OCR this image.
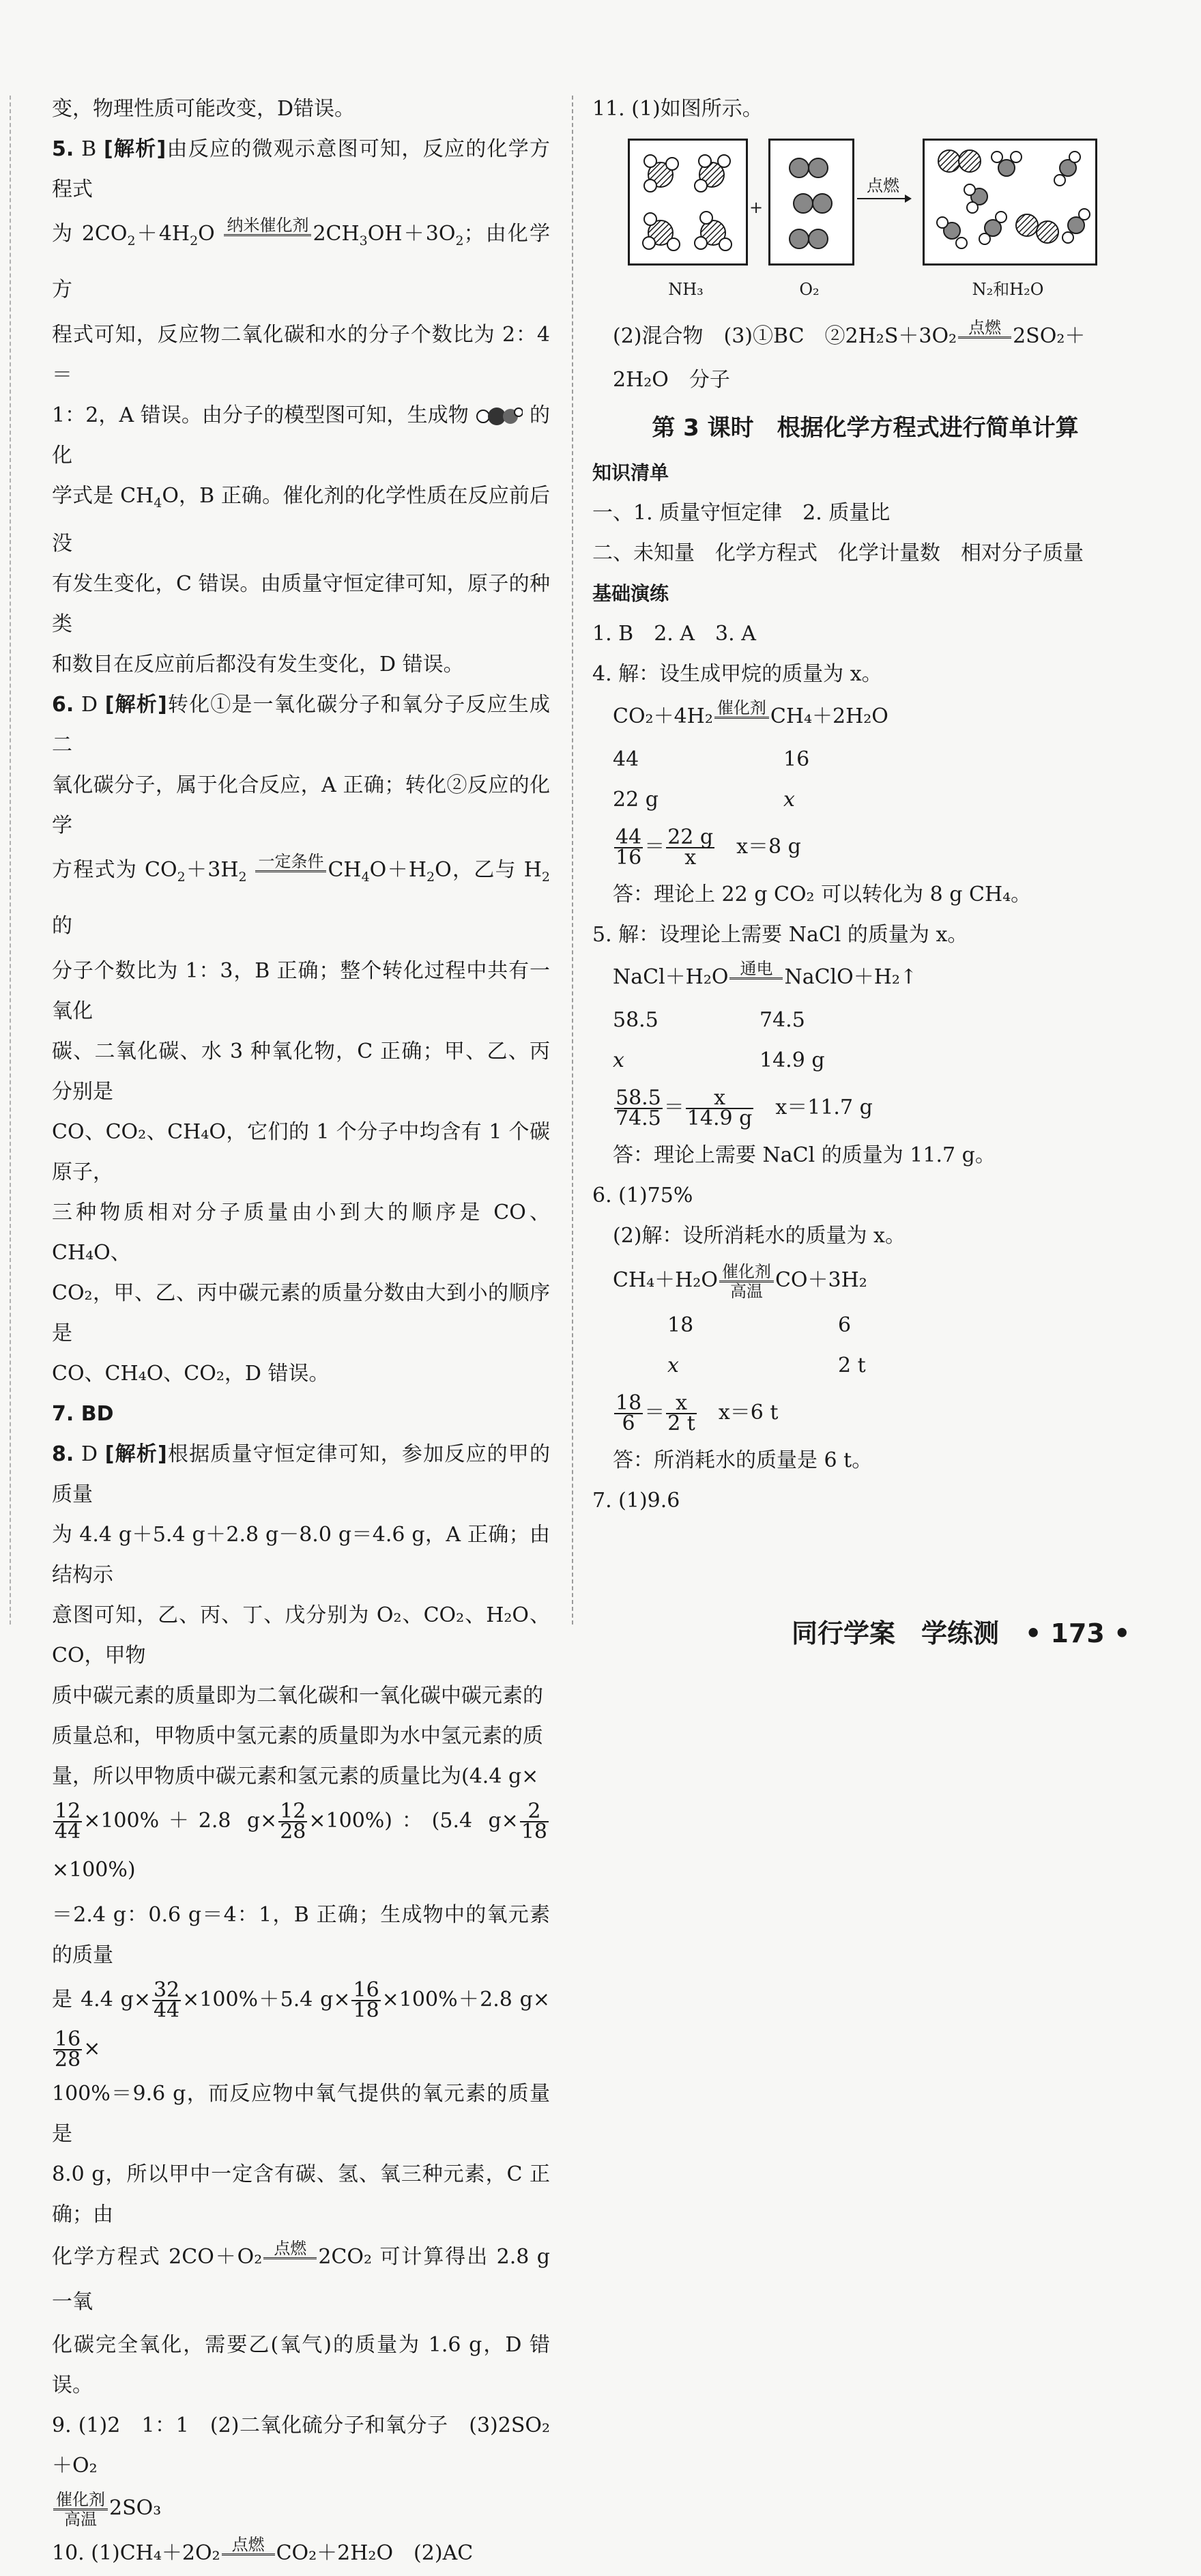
变，物理性质可能改变，D错误。

5. B [解析]由反应的微观示意图可知，反应的化学方程式

为 $2CO_2+4H_2O$ 纳米催化剂
$2CH_3OH+3O_2$；由化学方

程式可知，反应物二氧化碳和水的分子个数比为 2：4＝

1：2，A 错误。由分子的模型图可知，生成物	的化

学式是 $CH_4O$，B 正确。催化剂的化学性质在反应前后没

有发生变化，C 错误。由质量守恒定律可知，原子的种类

和数目在反应前后都没有发生变化，D 错误。

6. D [解析]转化①是一氧化碳分子和氧分子反应生成二

氧化碳分子，属于化合反应，A 正确；转化②反应的化学

方程式为 $CO_2+3H_2$
一定条件
$CH_4O+H_2O$，乙与 $H_2$ 的

分子个数比为 1：3，B 正确；整个转化过程中共有一氧化

碳、二氧化碳、水 3 种氧化物，C 正确；甲、乙、丙分别是

CO、CO₂、CH₄O，它们的 1 个分子中均含有 1 个碳原子，

三种物质相对分子质量由小到大的顺序是 CO、CH₄O、

CO₂，甲、乙、丙中碳元素的质量分数由大到小的顺序是

CO、CH₄O、CO₂，D 错误。

7. BD

8. D [解析]根据质量守恒定律可知，参加反应的甲的质量

为 4.4 g＋5.4 g＋2.8 g－8.0 g＝4.6 g，A 正确；由结构示

意图可知，乙、丙、丁、戊分别为 O₂、CO₂、H₂O、CO，甲物

质中碳元素的质量即为二氧化碳和一氧化碳中碳元素的

质量总和，甲物质中氢元素的质量即为水中氢元素的质

量，所以甲物质中碳元素和氢元素的质量比为(4.4 g×

$\frac{12}{44} \times 100\%+2.8$ $g\times \frac{12}{28} \times 100\%$)：(5.4 $g\times \frac{2}{18}$
×100%)

＝2.4 g：0.6 g＝4：1，B 正确；生成物中的氧元素的质量

是 4.4 $g\times \frac{32}{44} \times 100\%+5.4$ $g\times \frac{16}{18} \times 100\%+2.8$ g×
$\frac{16}{28}$ ×

100%＝9.6 g，而反应物中氧气提供的氧元素的质量是

8.0 g，所以甲中一定含有碳、氢、氧三种元素，C 正确；由

化学方程式 2CO＋O₂ 点燃
2CO₂ 可计算得出 2.8 g 一氧

化碳完全氧化，需要乙(氧气)的质量为 1.6 g，D 错误。

9. (1)2　1：1　(2)二氧化硫分子和氧分子　(3)2SO₂＋O₂

催化剂
高温 2SO₃

10. (1)CH₄＋2O₂ 点燃
CO₂＋2H₂O　(2)AC

11. (1)如图所示。

+
点燃
NH₃	O₂	N₂和H₂O

(2)混合物　(3)①BC　②2H₂S＋3O₂ 点燃
2SO₂＋

2H₂O　分子

第 3 课时　根据化学方程式进行简单计算

知识清单

一、1. 质量守恒定律　2. 质量比

二、未知量　化学方程式　化学计量数　相对分子质量

基础演练

1. B　2. A　3. A

4. 解：设生成甲烷的质量为 x。

CO₂＋4H₂ 催化剂
CH₄＋2H₂O

44	16
22 g	x

$\frac{44}{16} = \frac{22 g}{x}$
　 x＝8 g

答：理论上 22 g CO₂ 可以转化为 8 g CH₄。

5. 解：设理论上需要 NaCl 的质量为 x。

NaCl＋H₂O 通电
NaClO＋H₂↑

58.5	74.5
x	14.9 g

$\frac{58.5}{74.5} = \frac{x}{14.9 g}$
　 x＝11.7 g

答：理论上需要 NaCl 的质量为 11.7 g。

6. (1)75%

(2)解：设所消耗水的质量为 x。

CH₄＋H₂O 催化剂
高温 CO＋3H₂

18	6
x	2 t

$\frac{18}{6} = \frac{x}{2 t}$
　 x＝6 t

答：所消耗水的质量是 6 t。

7. (1)9.6

同行学案　学练测　• 173 •
